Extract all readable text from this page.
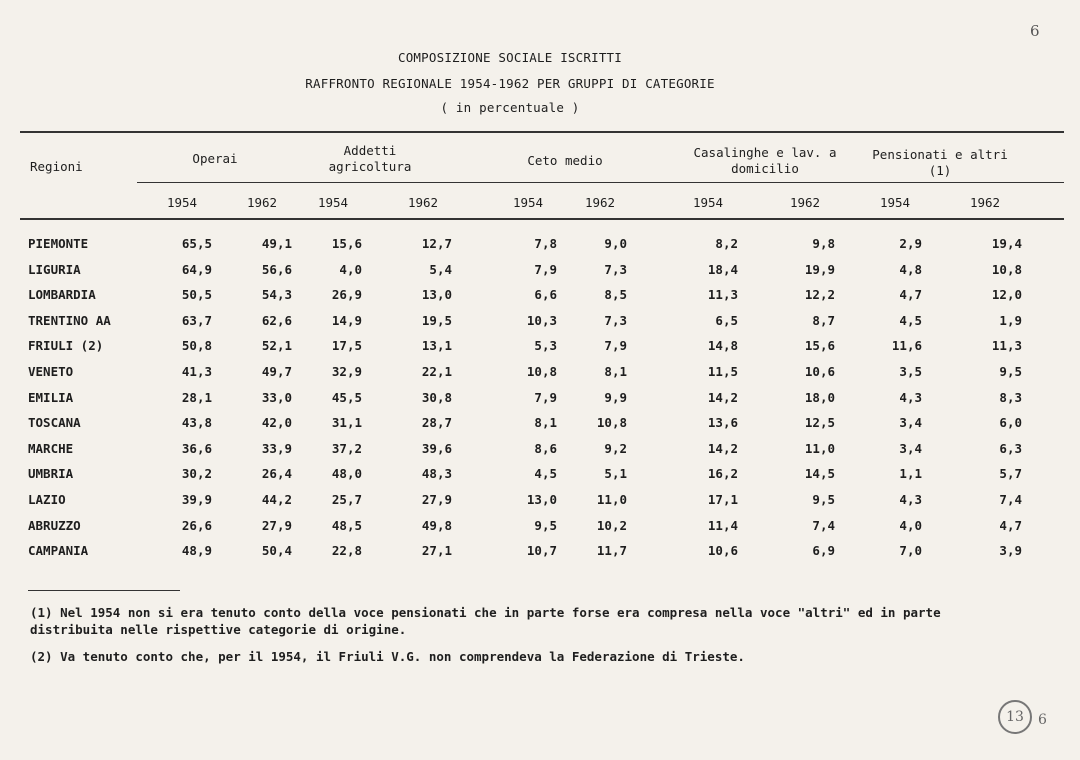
6
COMPOSIZIONE SOCIALE ISCRITTI
RAFFRONTO REGIONALE 1954-1962 PER GRUPPI DI CATEGORIE
( in percentuale )
Regioni
Operai
Addetti agricoltura	Ceto medio
Casalinghe e lav. a domicilio
Pensionati e altri (1)
1954	1962	1954	1962	1954	1962	1954	1962	1954	1962
PIEMONTE	65,5	49,1	15,6	12,7	7,8	9,0	8,2	9,8	2,9	19,4
LIGURIA	64,9	56,6	4,0	5,4	7,9	7,3	18,4	19,9	4,8	10,8
LOMBARDIA	50,5	54,3	26,9	13,0	6,6	8,5	11,3	12,2	4,7	12,0
TRENTINO AA	63,7	62,6	14,9	19,5	10,3	7,3	6,5	8,7	4,5	1,9
FRIULI (2)	50,8	52,1	17,5	13,1	5,3	7,9	14,8	15,6	11,6	11,3
VENETO	41,3	49,7	32,9	22,1	10,8	8,1	11,5	10,6	3,5	9,5
EMILIA	28,1	33,0	45,5	30,8	7,9	9,9	14,2	18,0	4,3	8,3
TOSCANA	43,8	42,0	31,1	28,7	8,1	10,8	13,6	12,5	3,4	6,0
MARCHE	36,6	33,9	37,2	39,6	8,6	9,2	14,2	11,0	3,4	6,3
UMBRIA	30,2	26,4	48,0	48,3	4,5	5,1	16,2	14,5	1,1	5,7
LAZIO	39,9	44,2	25,7	27,9	13,0	11,0	17,1	9,5	4,3	7,4
ABRUZZO	26,6	27,9	48,5	49,8	9,5	10,2	11,4	7,4	4,0	4,7
CAMPANIA	48,9	50,4	22,8	27,1	10,7	11,7	10,6	6,9	7,0	3,9
(1) Nel 1954 non si era tenuto conto della voce pensionati che in parte forse era compresa nella voce "altri" ed in parte distribuita nelle rispettive categorie di origine.
(2) Va tenuto conto che, per il 1954, il Friuli V.G. non comprendeva la Federazione di Trieste.
13	6
